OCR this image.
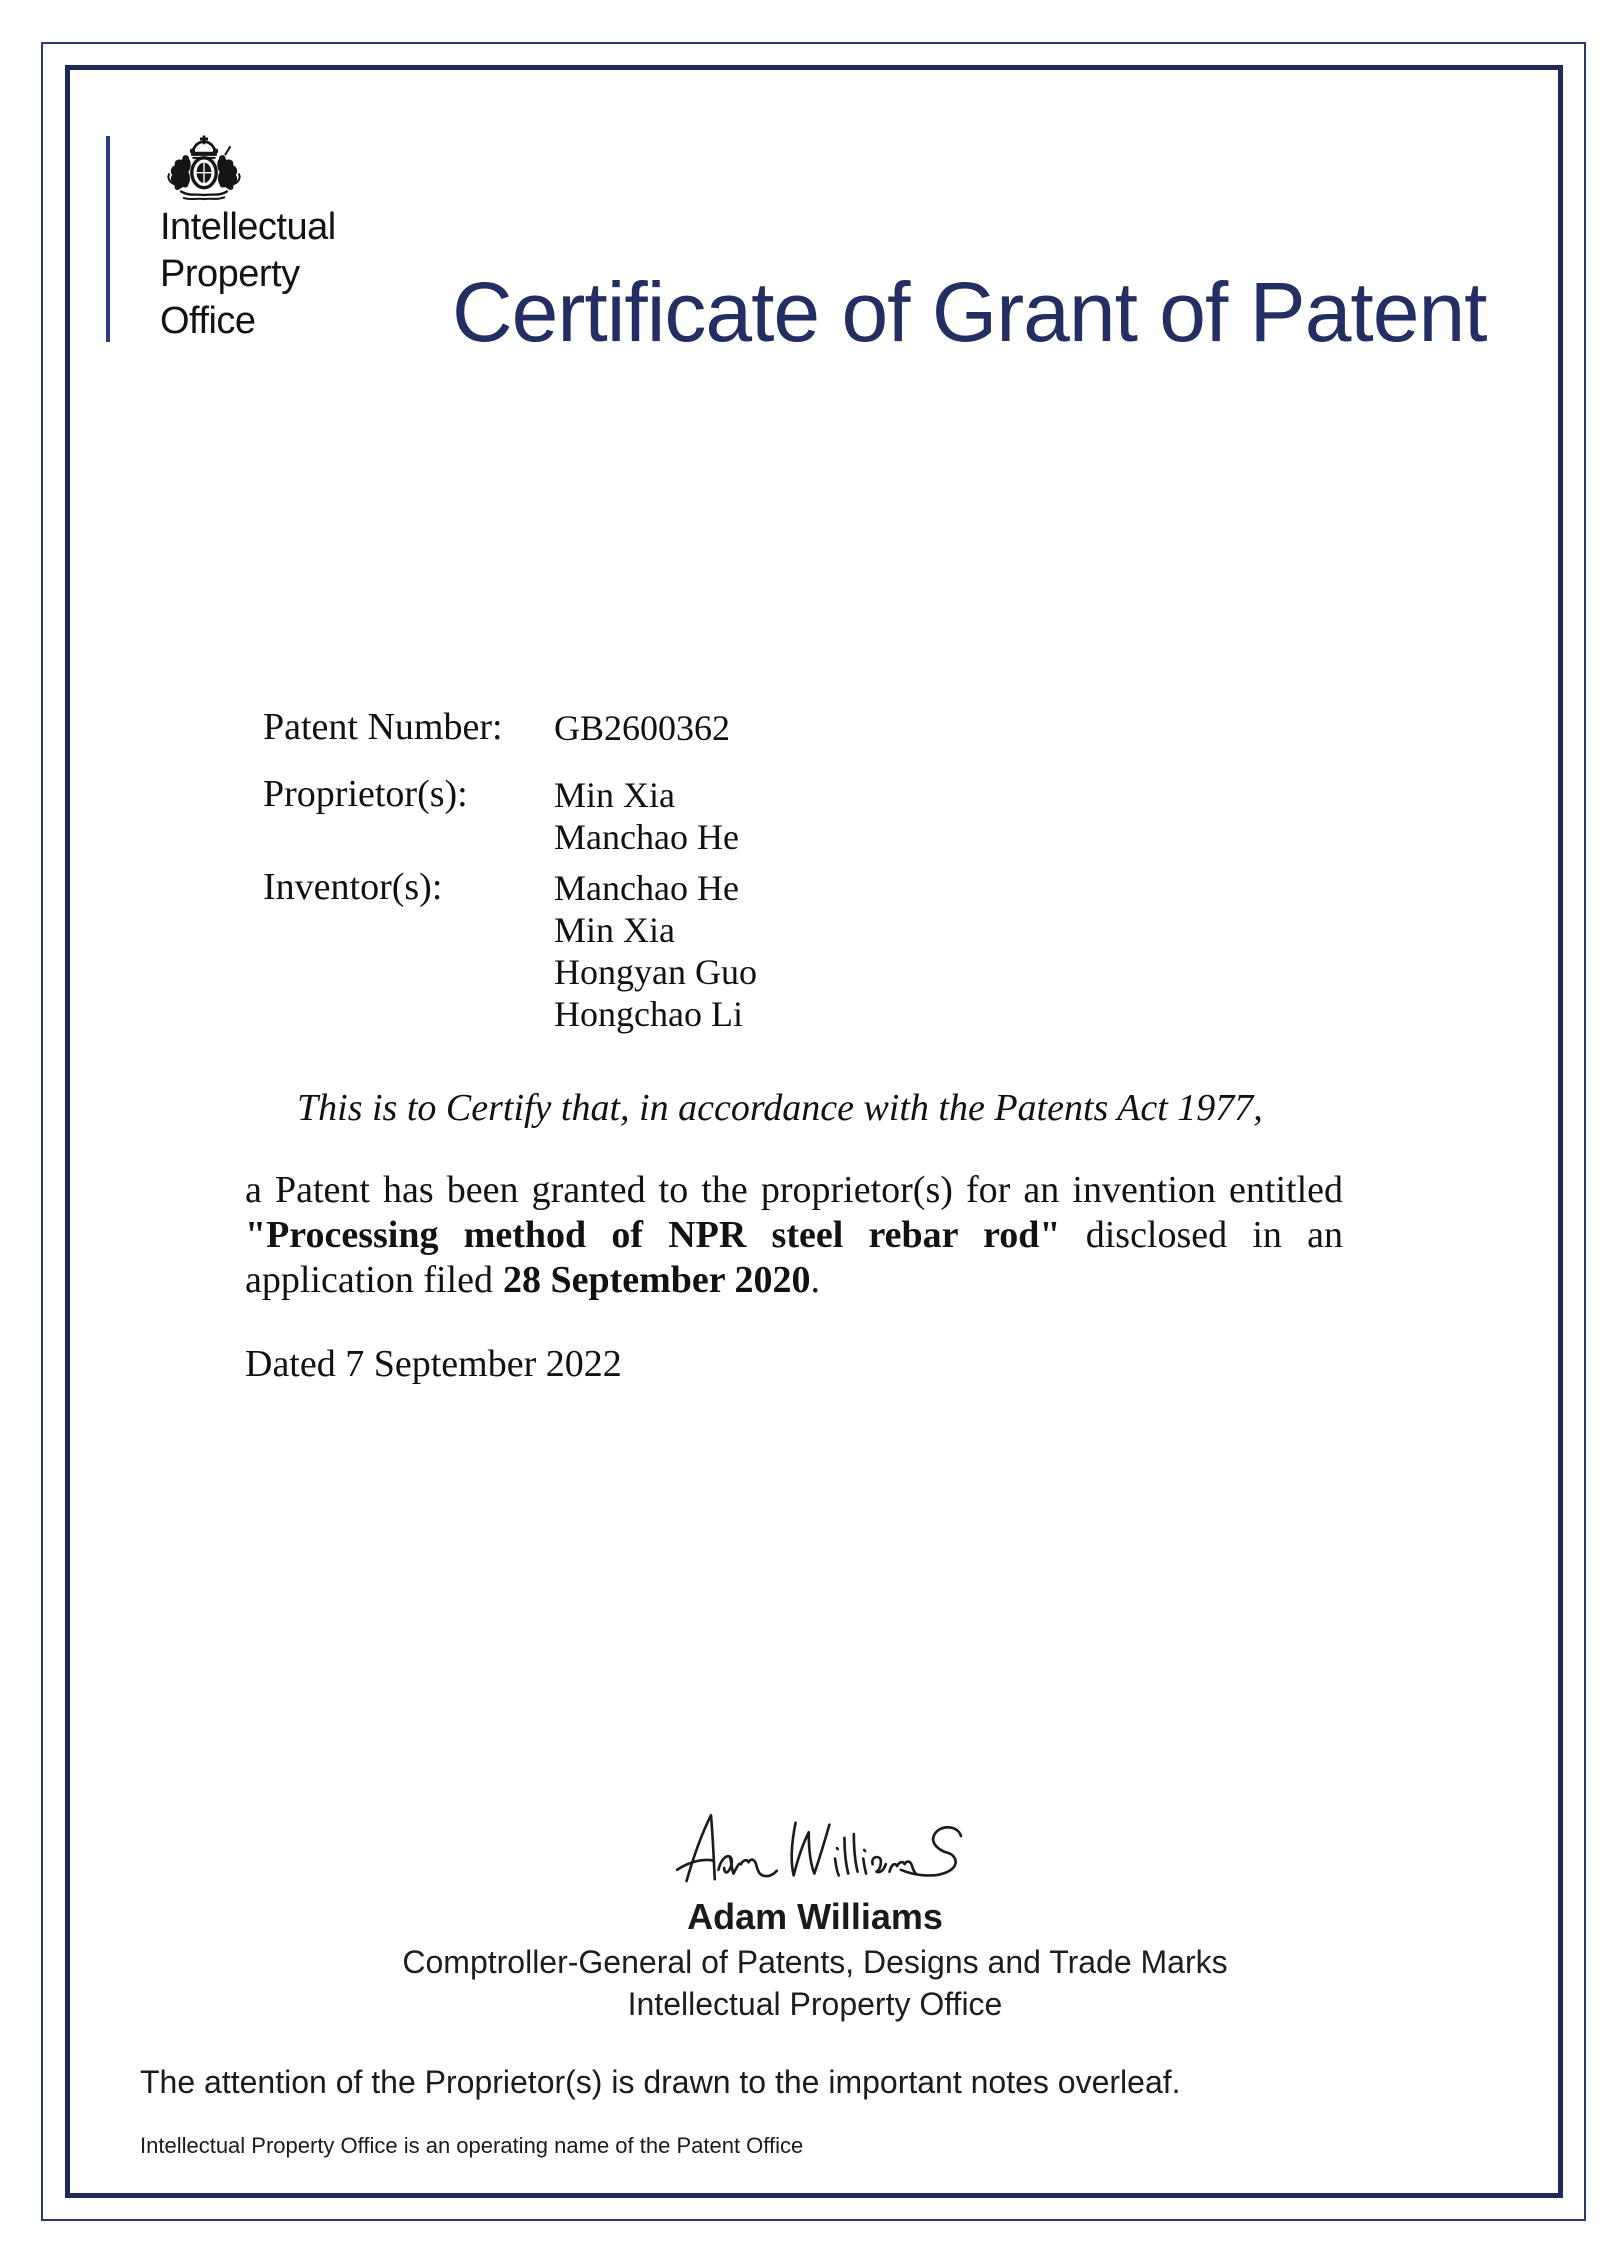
Intellectual
Property
Office	Certificate of Grant of Patent
Patent Number: GB2600362
Proprietor(s): Min Xia
Manchao He
Inventor(s):	Manchao He
Min Xia
Hongyan Guo
Hongchao Li
This is to Certify that, in accordance with the Patents Act 1977,
a Patent has been granted to the proprietor(s) for an invention entitled
"Processing method of NPR steel rebar rod" disclosed in an
application filed 28 September 2020.
Dated 7 September 2022
Adam Williams
Comptroller-General of Patents, Designs and Trade Marks
Intellectual Property Office
The attention of the Proprietor(s) is drawn to the important notes overleaf.
Intellectual Property Office is an operating name of the Patent Office
